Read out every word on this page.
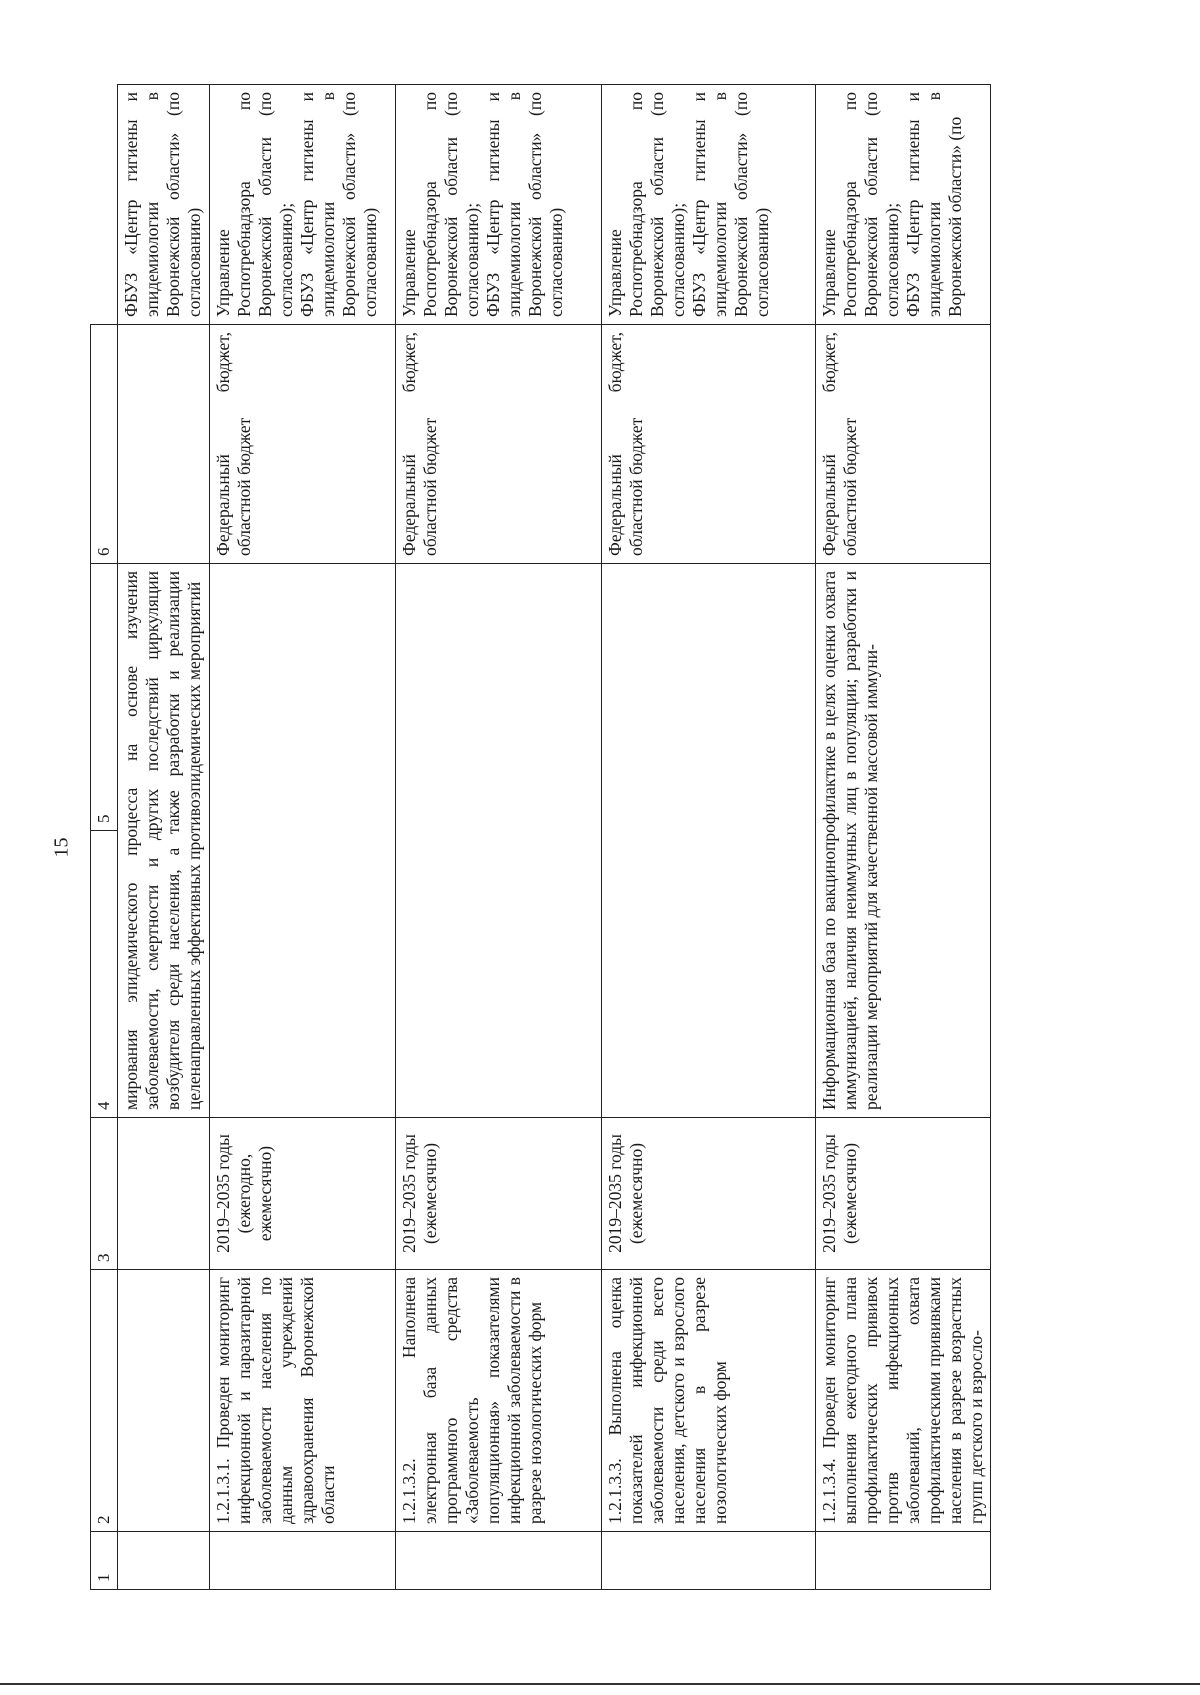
15
1	2	3	4	5	6	
			мирования эпидемического процесса на основе изучения заболеваемости, смертности и других последствий циркуляции возбудителя среди населения, а также разработки и реализации целенаправленных эффективных противоэпидемических мероприятий			ФБУЗ «Центр гигиены и эпидемиологии в Воронежской области» (по согласованию)
	1.2.1.3.1. Проведен мониторинг инфекционной и паразитарной заболеваемости населения по данным учреждений здравоохранения Воронежской области	2019–2035 годы (ежегодно, ежемесячно)			Федеральный бюджет, областной бюджет	Управление Роспотребнадзора по Воронежской области (по согласованию);
ФБУЗ «Центр гигиены и эпидемиологии в Воронежской области» (по согласованию)
	1.2.1.3.2. Наполнена электронная база данных программного средства «Заболеваемость популяционная» показателями инфекционной заболеваемости в разрезе нозологических форм	2019–2035 годы (ежемесячно)			Федеральный бюджет, областной бюджет	Управление Роспотребнадзора по Воронежской области (по согласованию);
ФБУЗ «Центр гигиены и эпидемиологии в Воронежской области» (по согласованию)
	1.2.1.3.3. Выполнена оценка показателей инфекционной заболеваемости среди всего населения, детского и взрослого населения в разрезе нозологических форм	2019–2035 годы (ежемесячно)			Федеральный бюджет, областной бюджет	Управление Роспотребнадзора по Воронежской области (по согласованию);
ФБУЗ «Центр гигиены и эпидемиологии в Воронежской области» (по согласованию)
	1.2.1.3.4. Проведен мониторинг выполнения ежегодного плана профилактических прививок против инфекционных заболеваний, охвата профилактическими прививками населения в разрезе возрастных групп детского и взросло-	2019–2035 годы (ежемесячно)	Информационная база по вакцинопрофилактике в целях оценки охвата иммунизацией, наличия неиммунных лиц в популяции; разработки и реализации мероприятий для качественной массовой иммуни-		Федеральный бюджет, областной бюджет	Управление Роспотребнадзора по Воронежской области (по согласованию);
ФБУЗ «Центр гигиены и эпидемиологии в Воронежской области» (по
